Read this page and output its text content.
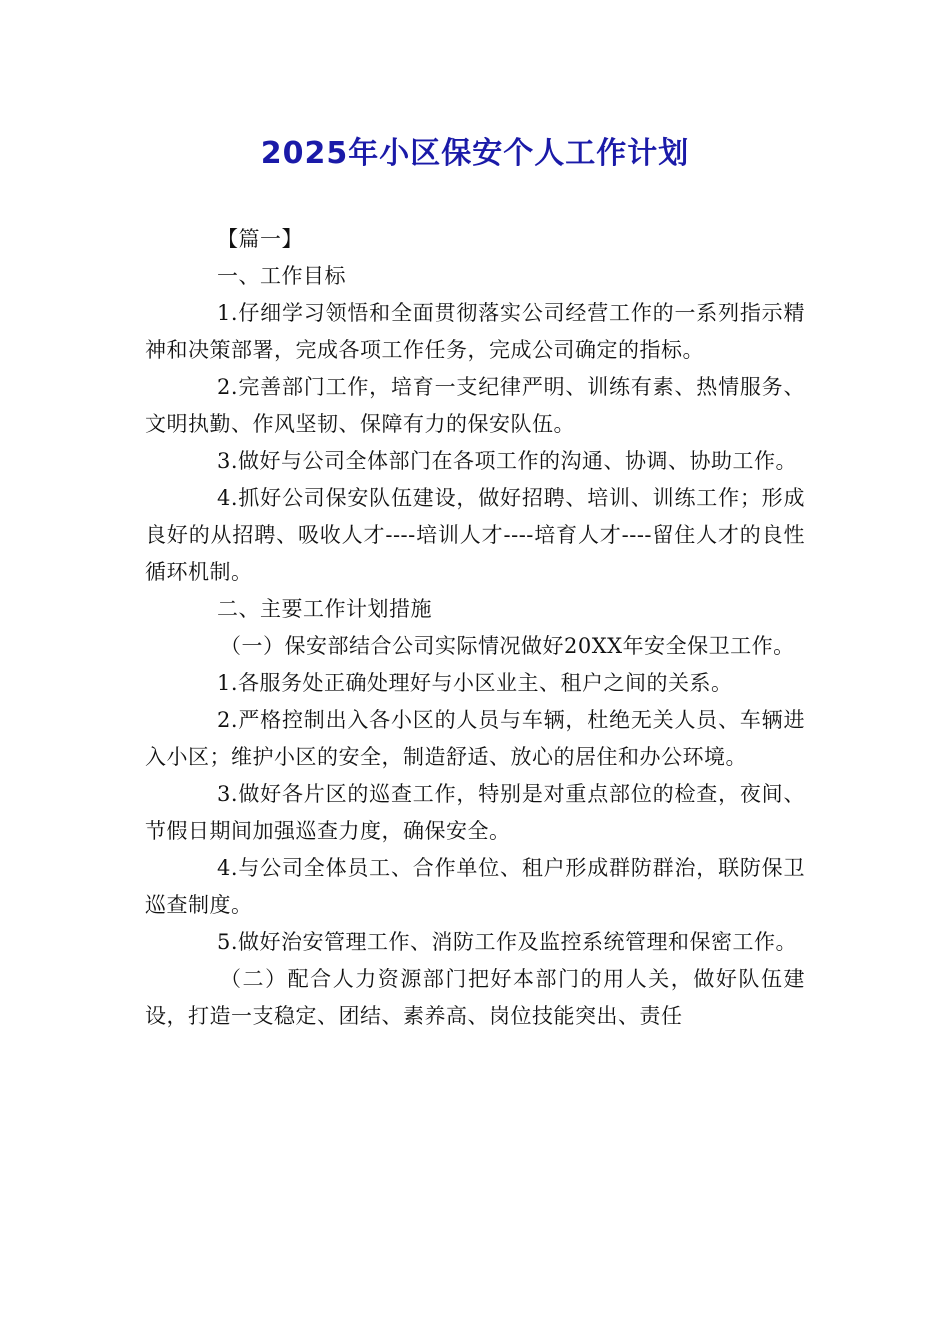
2025年小区保安个人工作计划

【篇一】

一、工作目标

1.仔细学习领悟和全面贯彻落实公司经营工作的一系列指示精神和决策部署，完成各项工作任务，完成公司确定的指标。

2.完善部门工作，培育一支纪律严明、训练有素、热情服务、文明执勤、作风坚韧、保障有力的保安队伍。

3.做好与公司全体部门在各项工作的沟通、协调、协助工作。

4.抓好公司保安队伍建设，做好招聘、培训、训练工作；形成良好的从招聘、吸收人才----培训人才----培育人才----留住人才的良性循环机制。

二、主要工作计划措施

（一）保安部结合公司实际情况做好20XX年安全保卫工作。

1.各服务处正确处理好与小区业主、租户之间的关系。

2.严格控制出入各小区的人员与车辆，杜绝无关人员、车辆进入小区；维护小区的安全，制造舒适、放心的居住和办公环境。

3.做好各片区的巡查工作，特别是对重点部位的检查，夜间、节假日期间加强巡查力度，确保安全。

4.与公司全体员工、合作单位、租户形成群防群治，联防保卫巡查制度。

5.做好治安管理工作、消防工作及监控系统管理和保密工作。

（二）配合人力资源部门把好本部门的用人关，做好队伍建设，打造一支稳定、团结、素养高、岗位技能突出、责任
